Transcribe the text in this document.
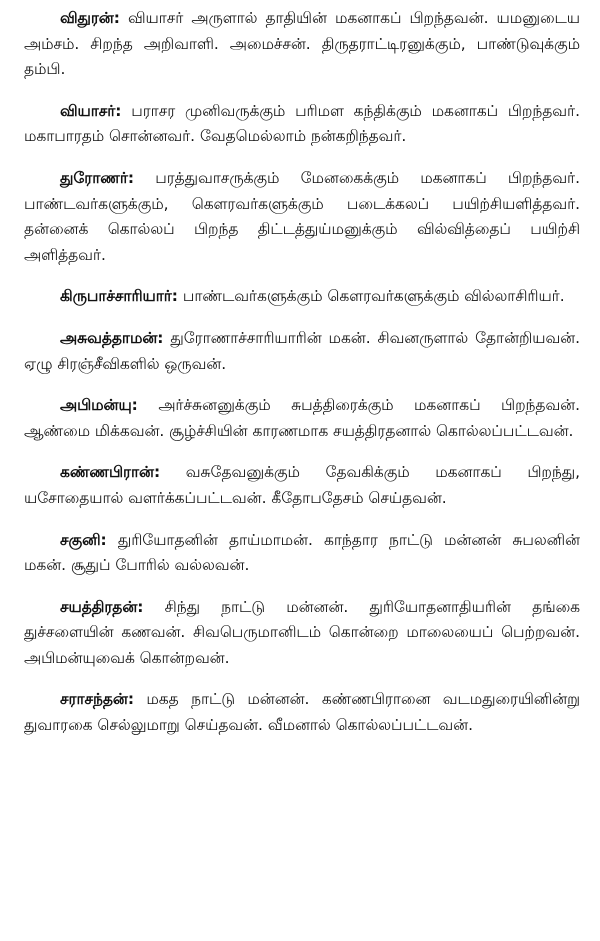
விதுரன்: வியாசர் அருளால் தாதியின் மகனாகப் பிறந்தவன். யமனுடைய அம்சம். சிறந்த அறிவாளி. அமைச்சன். திருதராட்டிரனுக்கும், பாண்டுவுக்கும் தம்பி.

வியாசர்: பராசர முனிவருக்கும் பரிமள கந்திக்கும் மகனாகப் பிறந்தவர். மகாபாரதம் சொன்னவர். வேதமெல்லாம் நன்கறிந்தவர்.

துரோணர்: பரத்துவாசருக்கும் மேனகைக்கும் மகனாகப் பிறந்தவர். பாண்டவர்களுக்கும், கௌரவர்களுக்கும் படைக்கலப் பயிற்சியளித்தவர். தன்னைக் கொல்லப் பிறந்த திட்டத்துய்மனுக்கும் வில்வித்தைப் பயிற்சி அளித்தவர்.

கிருபாச்சாரியார்: பாண்டவர்களுக்கும் கௌரவர்களுக்கும் வில்லாசிரியர்.

அசுவத்தாமன்: துரோணாச்சாரியாரின் மகன். சிவனருளால் தோன்றியவன். ஏழு சிரஞ்சீவிகளில் ஒருவன்.

அபிமன்யு: அர்ச்சுனனுக்கும் சுபத்திரைக்கும் மகனாகப் பிறந்தவன். ஆண்மை மிக்கவன். சூழ்ச்சியின் காரணமாக சயத்திரதனால் கொல்லப்பட்டவன்.

கண்ணபிரான்: வசுதேவனுக்கும் தேவகிக்கும் மகனாகப் பிறந்து, யசோதையால் வளர்க்கப்பட்டவன். கீதோபதேசம் செய்தவன்.

சகுனி: துரியோதனின் தாய்மாமன். காந்தார நாட்டு மன்னன் சுபலனின் மகன். சூதுப் போரில் வல்லவன்.

சயத்திரதன்: சிந்து நாட்டு மன்னன். துரியோதனாதியரின் தங்கை துச்சளையின் கணவன். சிவபெருமானிடம் கொன்றை மாலையைப் பெற்றவன். அபிமன்யுவைக் கொன்றவன்.

சராசந்தன்: மகத நாட்டு மன்னன். கண்ணபிரானை வடமதுரையினின்று துவாரகை செல்லுமாறு செய்தவன். வீமனால் கொல்லப்பட்டவன்.
